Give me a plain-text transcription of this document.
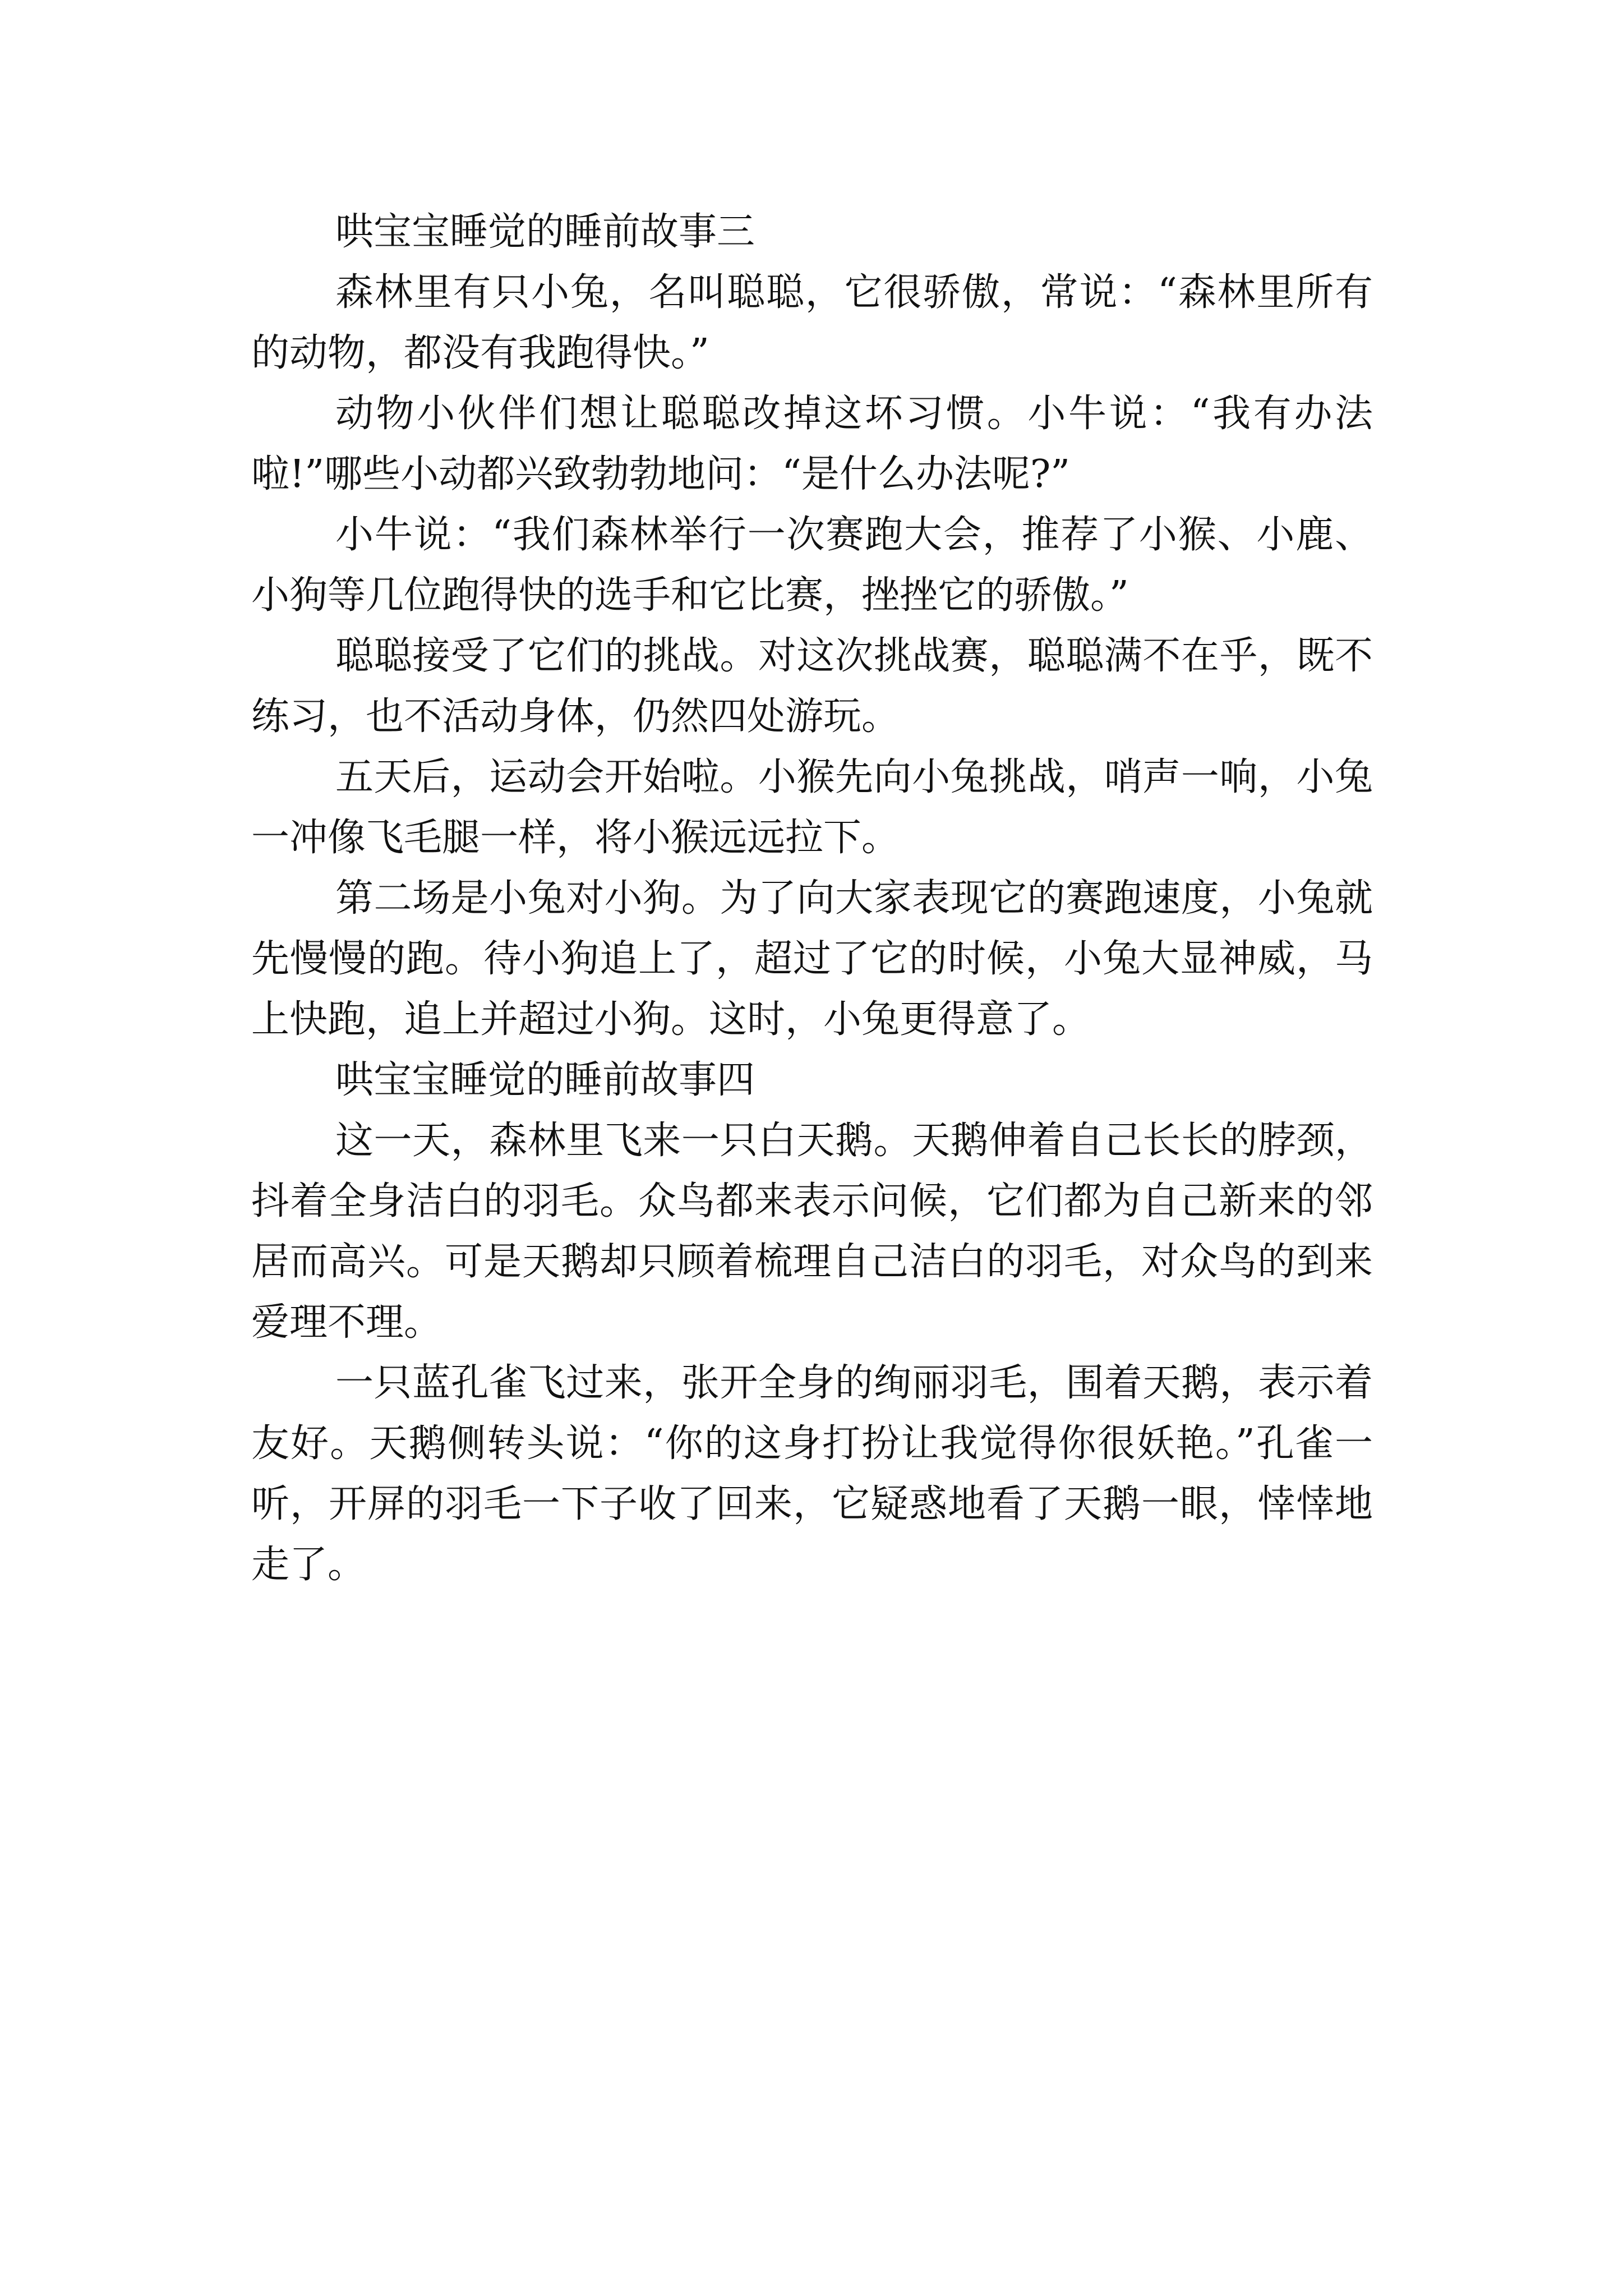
哄宝宝睡觉的睡前故事三

森林里有只小兔，名叫聪聪，它很骄傲，常说：“森林里所有的动物，都没有我跑得快。”

动物小伙伴们想让聪聪改掉这坏习惯。小牛说：“我有办法啦!”哪些小动都兴致勃勃地问：“是什么办法呢?”

小牛说：“我们森林举行一次赛跑大会，推荐了小猴、小鹿、小狗等几位跑得快的选手和它比赛，挫挫它的骄傲。”

聪聪接受了它们的挑战。对这次挑战赛，聪聪满不在乎，既不练习，也不活动身体，仍然四处游玩。

五天后，运动会开始啦。小猴先向小兔挑战，哨声一响，小兔一冲像飞毛腿一样，将小猴远远拉下。

第二场是小兔对小狗。为了向大家表现它的赛跑速度，小兔就先慢慢的跑。待小狗追上了，超过了它的时候，小兔大显神威，马上快跑，追上并超过小狗。这时，小兔更得意了。

哄宝宝睡觉的睡前故事四

这一天，森林里飞来一只白天鹅。天鹅伸着自己长长的脖颈，抖着全身洁白的羽毛。众鸟都来表示问候，它们都为自己新来的邻居而高兴。可是天鹅却只顾着梳理自己洁白的羽毛，对众鸟的到来爱理不理。

一只蓝孔雀飞过来，张开全身的绚丽羽毛，围着天鹅，表示着友好。天鹅侧转头说：“你的这身打扮让我觉得你很妖艳。”孔雀一听，开屏的羽毛一下子收了回来，它疑惑地看了天鹅一眼，悻悻地走了。
